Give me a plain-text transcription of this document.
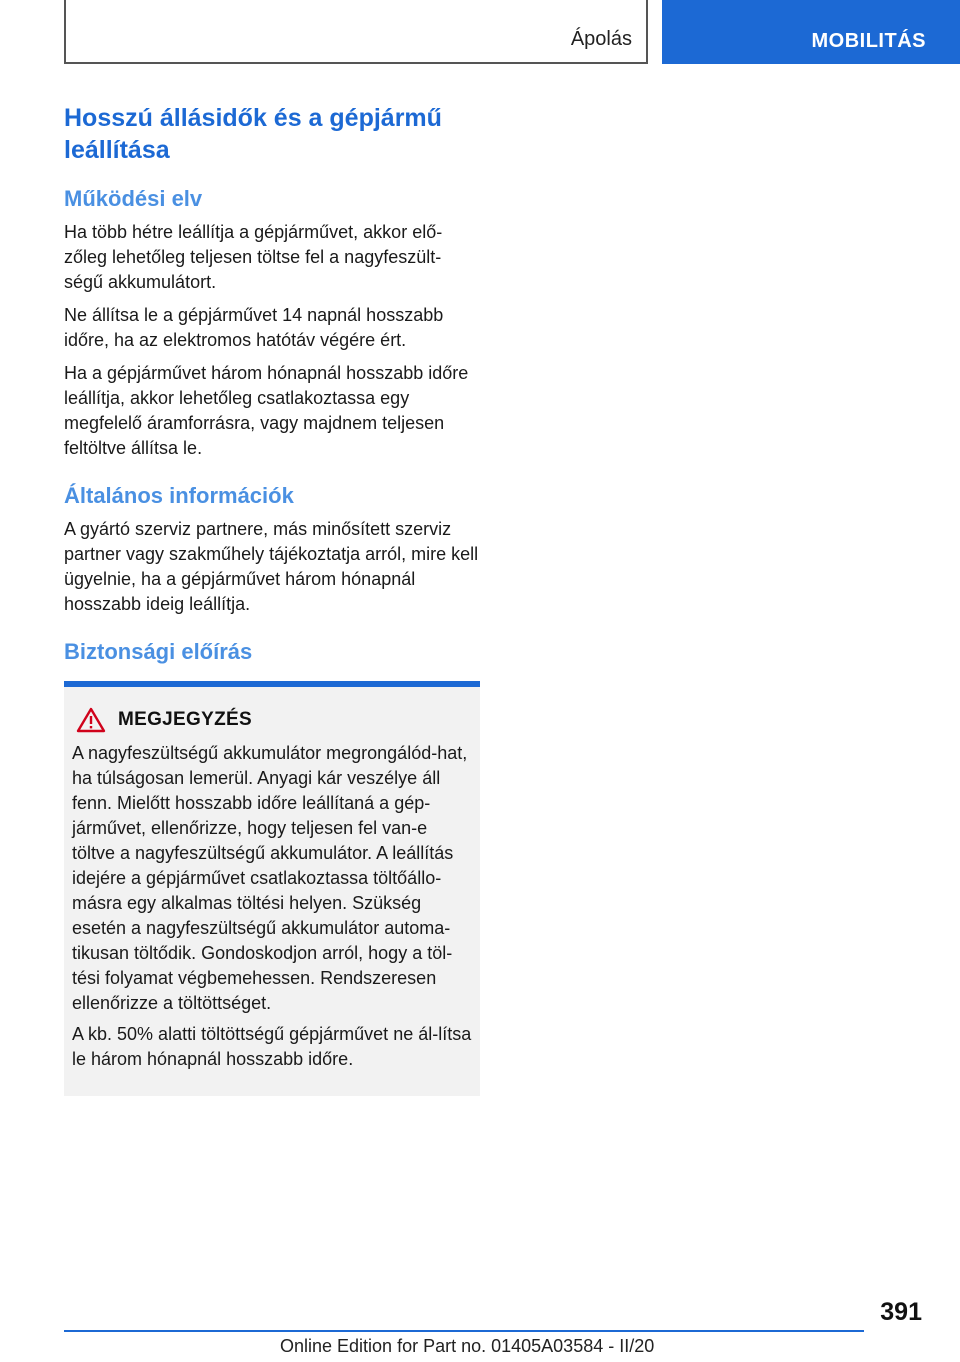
Ápolás	MOBILITÁS
Hosszú állásidők és a gépjármű leállítása
Működési elv

Ha több hétre leállítja a gépjárművet, akkor elő-zőleg lehetőleg teljesen töltse fel a nagyfeszült-ségű akkumulátort.

Ne állítsa le a gépjárművet 14 napnál hosszabb időre, ha az elektromos hatótáv végére ért.

Ha a gépjárművet három hónapnál hosszabb időre leállítja, akkor lehetőleg csatlakoztassa egy megfelelő áramforrásra, vagy majdnem teljesen feltöltve állítsa le.

Általános információk

A gyártó szerviz partnere, más minősített szerviz partner vagy szakműhely tájékoztatja arról, mire kell ügyelnie, ha a gépjárművet három hónapnál hosszabb ideig leállítja.

Biztonsági előírás
MEGJEGYZÉS

A nagyfeszültségű akkumulátor megrongálód-hat, ha túlságosan lemerül. Anyagi kár veszélye áll fenn. Mielőtt hosszabb időre leállítaná a gép-járművet, ellenőrizze, hogy teljesen fel van-e töltve a nagyfeszültségű akkumulátor. A leállítás idejére a gépjárművet csatlakoztassa töltőállo-másra egy alkalmas töltési helyen. Szükség esetén a nagyfeszültségű akkumulátor automa-tikusan töltődik. Gondoskodjon arról, hogy a töl-tési folyamat végbemehessen. Rendszeresen ellenőrizze a töltöttséget.

A kb. 50% alatti töltöttségű gépjárművet ne ál-lítsa le három hónapnál hosszabb időre.

391
Online Edition for Part no. 01405A03584 - II/20
